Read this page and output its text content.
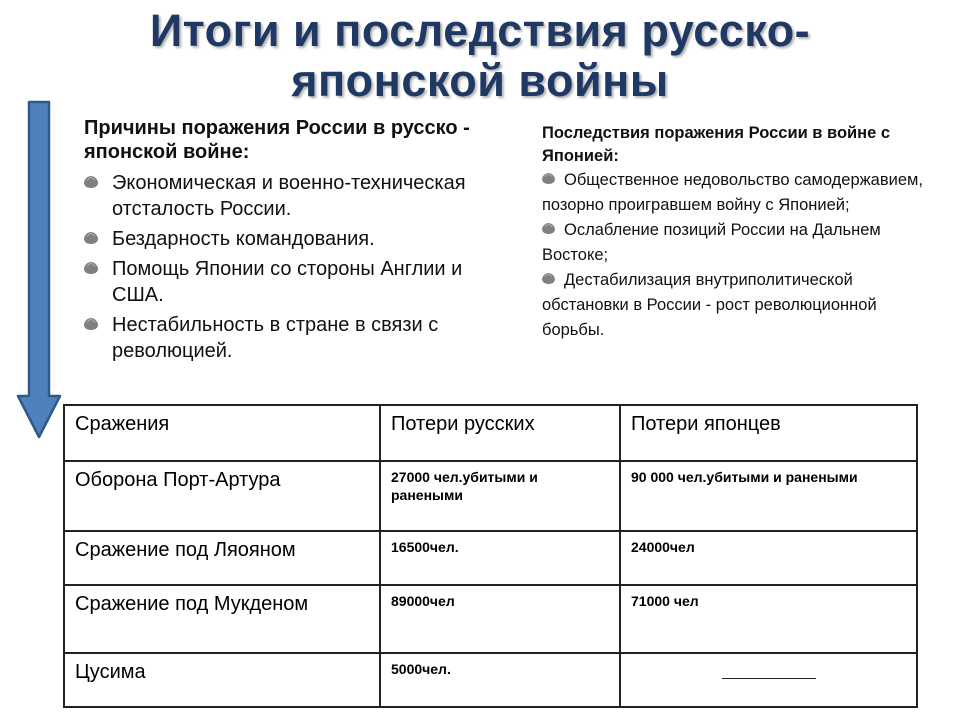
Итоги и последствия русско-
японской войны
Причины поражения России в русско - японской войне:
Экономическая и военно-техническая отсталость России.
Бездарность командования.
Помощь Японии со стороны Англии и США.
Нестабильность в стране в связи с революцией.
Последствия поражения России в войне с Японией:
Общественное недовольство самодержавием, позорно проигравшем войну с Японией;
Ослабление позиций России на Дальнем Востоке;
Дестабилизация внутриполитической обстановки в России - рост революционной борьбы.
Сражения	Потери русских	Потери японцев
Оборона Порт-Артура	27000 чел.убитыми и ранеными	90 000 чел.убитыми и ранеными
Сражение под Ляояном	16500чел.	24000чел
Сражение под Мукденом	89000чел	71000 чел
Цусима	5000чел.	
